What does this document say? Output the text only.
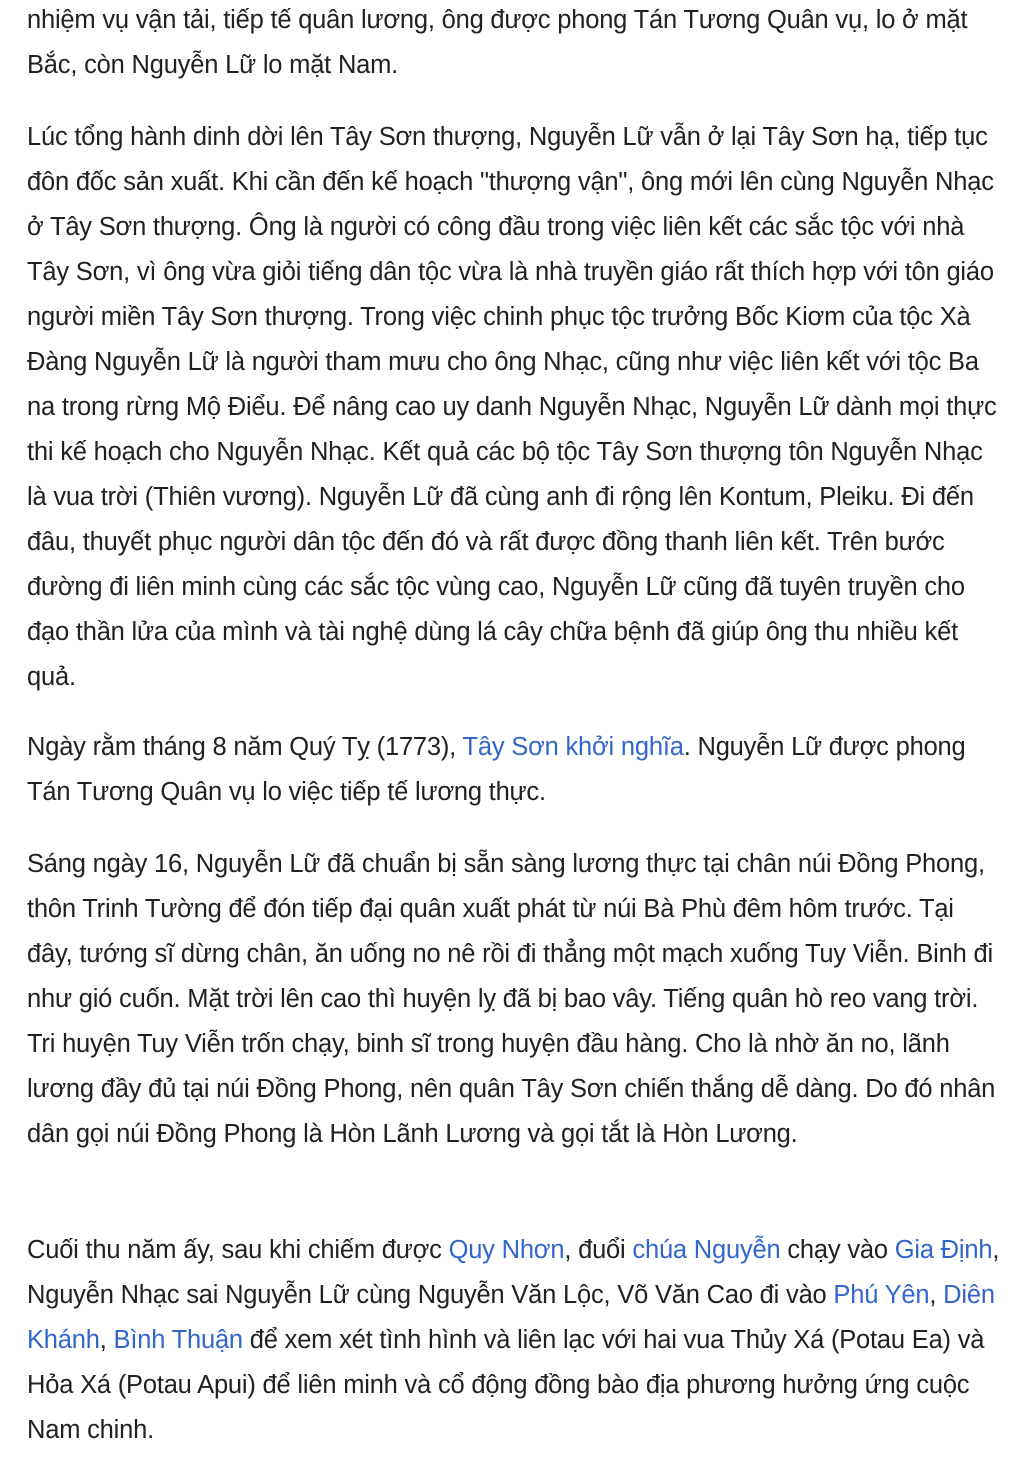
nhiệm vụ vận tải, tiếp tế quân lương, ông được phong Tán Tương Quân vụ, lo ở mặt Bắc, còn Nguyễn Lữ lo mặt Nam.

Lúc tổng hành dinh dời lên Tây Sơn thượng, Nguyễn Lữ vẫn ở lại Tây Sơn hạ, tiếp tục đôn đốc sản xuất. Khi cần đến kế hoạch "thượng vận", ông mới lên cùng Nguyễn Nhạc ở Tây Sơn thượng. Ông là người có công đầu trong việc liên kết các sắc tộc với nhà Tây Sơn, vì ông vừa giỏi tiếng dân tộc vừa là nhà truyền giáo rất thích hợp với tôn giáo người miền Tây Sơn thượng. Trong việc chinh phục tộc trưởng Bốc Kiơm của tộc Xà Đàng Nguyễn Lữ là người tham mưu cho ông Nhạc, cũng như việc liên kết với tộc Ba na trong rừng Mộ Điểu. Để nâng cao uy danh Nguyễn Nhạc, Nguyễn Lữ dành mọi thực thi kế hoạch cho Nguyễn Nhạc. Kết quả các bộ tộc Tây Sơn thượng tôn Nguyễn Nhạc là vua trời (Thiên vương). Nguyễn Lữ đã cùng anh đi rộng lên Kontum, Pleiku. Đi đến đâu, thuyết phục người dân tộc đến đó và rất được đồng thanh liên kết. Trên bước đường đi liên minh cùng các sắc tộc vùng cao, Nguyễn Lữ cũng đã tuyên truyền cho đạo thần lửa của mình và tài nghệ dùng lá cây chữa bệnh đã giúp ông thu nhiều kết quả.

Ngày rằm tháng 8 năm Quý Tỵ (1773), Tây Sơn khởi nghĩa. Nguyễn Lữ được phong Tán Tương Quân vụ lo việc tiếp tế lương thực.

Sáng ngày 16, Nguyễn Lữ đã chuẩn bị sẵn sàng lương thực tại chân núi Đồng Phong, thôn Trinh Tường để đón tiếp đại quân xuất phát từ núi Bà Phù đêm hôm trước. Tại đây, tướng sĩ dừng chân, ăn uống no nê rồi đi thẳng một mạch xuống Tuy Viễn. Binh đi như gió cuốn. Mặt trời lên cao thì huyện lỵ đã bị bao vây. Tiếng quân hò reo vang trời. Tri huyện Tuy Viễn trốn chạy, binh sĩ trong huyện đầu hàng. Cho là nhờ ăn no, lãnh lương đầy đủ tại núi Đồng Phong, nên quân Tây Sơn chiến thắng dễ dàng. Do đó nhân dân gọi núi Đồng Phong là Hòn Lãnh Lương và gọi tắt là Hòn Lương.

Cuối thu năm ấy, sau khi chiếm được Quy Nhơn, đuổi chúa Nguyễn chạy vào Gia Định, Nguyễn Nhạc sai Nguyễn Lữ cùng Nguyễn Văn Lộc, Võ Văn Cao đi vào Phú Yên, Diên Khánh, Bình Thuận để xem xét tình hình và liên lạc với hai vua Thủy Xá (Potau Ea) và Hỏa Xá (Potau Apui) để liên minh và cổ động đồng bào địa phương hưởng ứng cuộc Nam chinh.
